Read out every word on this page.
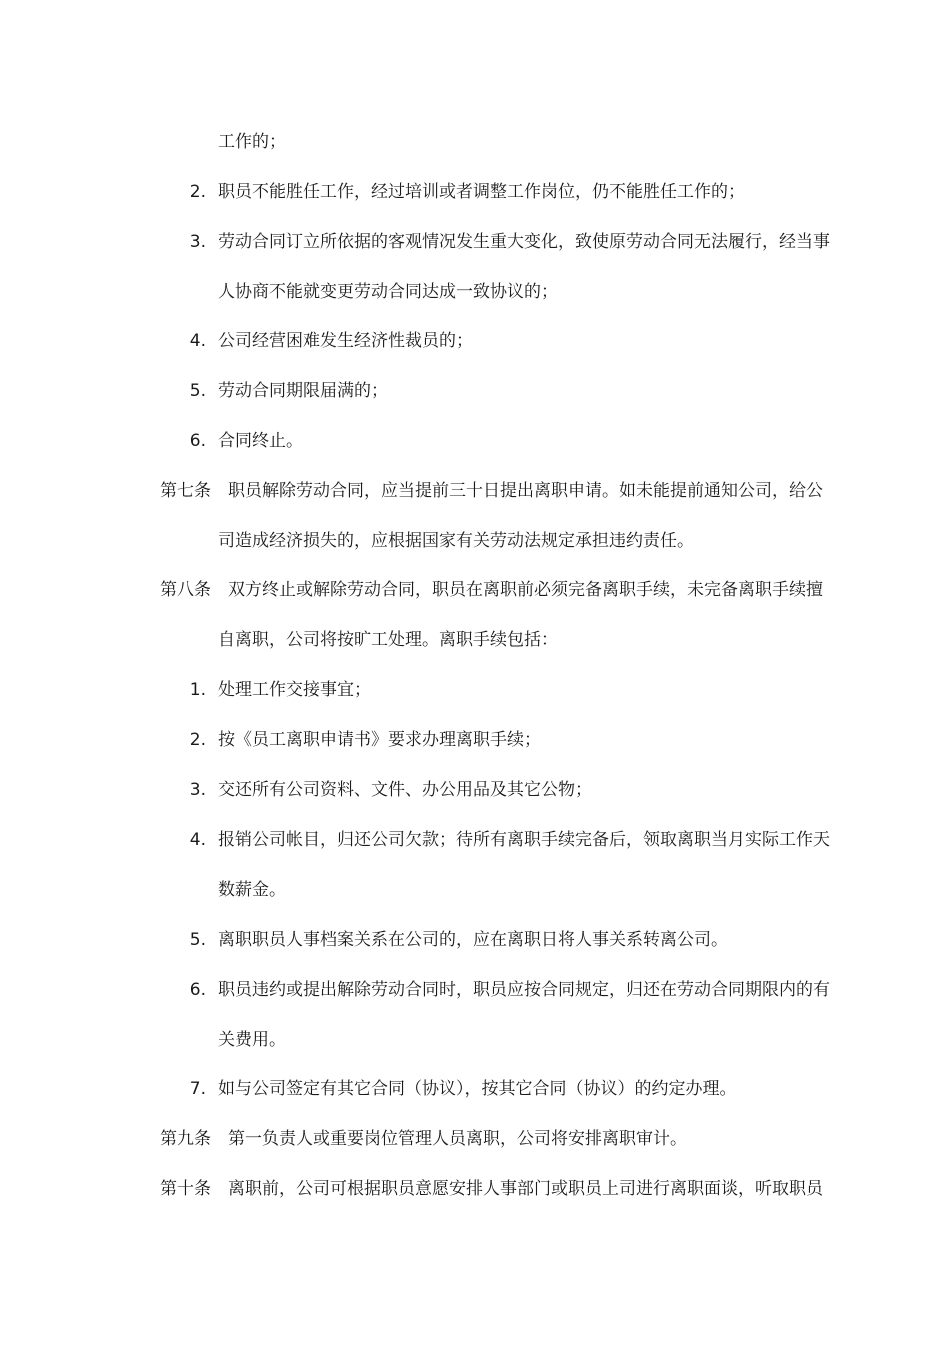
工作的；
2. 职员不能胜任工作，经过培训或者调整工作岗位，仍不能胜任工作的；
3. 劳动合同订立所依据的客观情况发生重大变化，致使原劳动合同无法履行，经当事
人协商不能就变更劳动合同达成一致协议的；
4. 公司经营困难发生经济性裁员的；
5. 劳动合同期限届满的；
6. 合同终止。
第七条 职员解除劳动合同，应当提前三十日提出离职申请。如未能提前通知公司，给公
司造成经济损失的，应根据国家有关劳动法规定承担违约责任。
第八条 双方终止或解除劳动合同，职员在离职前必须完备离职手续，未完备离职手续擅
自离职，公司将按旷工处理。离职手续包括：
1. 处理工作交接事宜；
2. 按《员工离职申请书》要求办理离职手续；
3. 交还所有公司资料、文件、办公用品及其它公物；
4. 报销公司帐目，归还公司欠款；待所有离职手续完备后，领取离职当月实际工作天
数薪金。
5. 离职职员人事档案关系在公司的，应在离职日将人事关系转离公司。
6. 职员违约或提出解除劳动合同时，职员应按合同规定，归还在劳动合同期限内的有
关费用。
7. 如与公司签定有其它合同（协议），按其它合同（协议）的约定办理。
第九条 第一负责人或重要岗位管理人员离职，公司将安排离职审计。
第十条 离职前，公司可根据职员意愿安排人事部门或职员上司进行离职面谈，听取职员
